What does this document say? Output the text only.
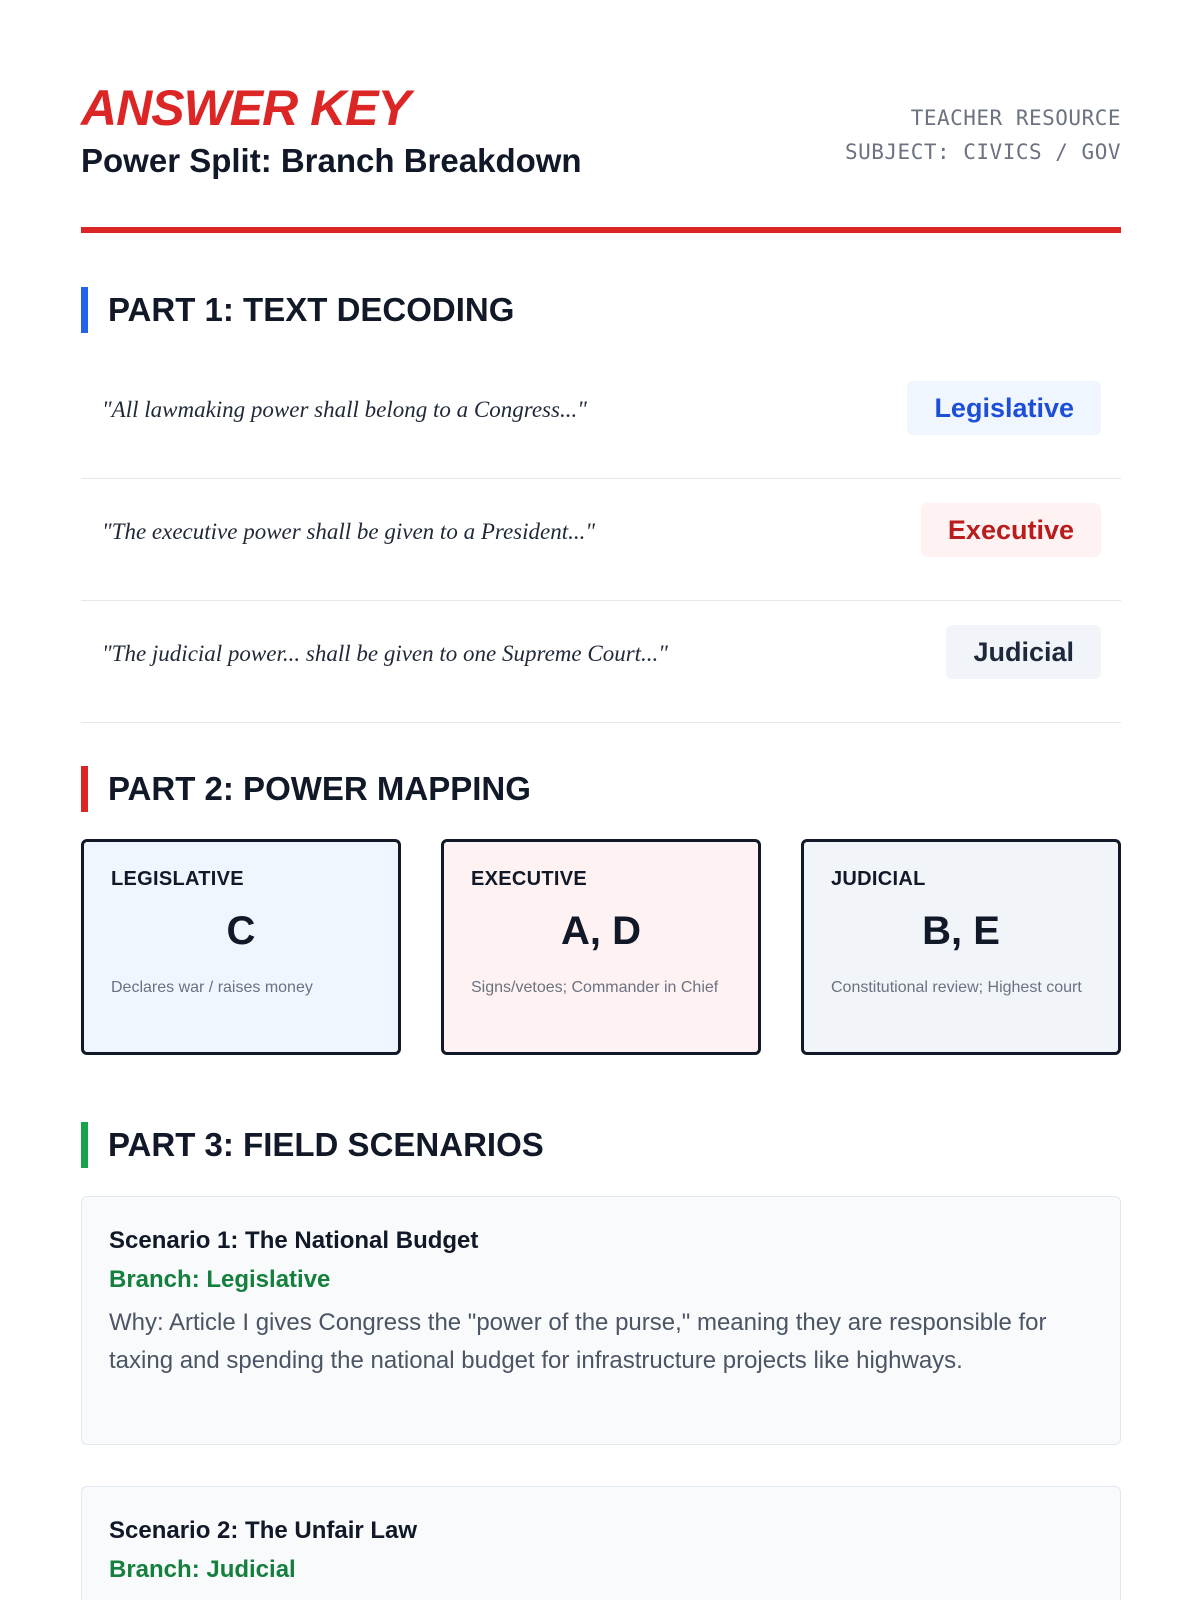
ANSWER KEY
Power Split: Branch Breakdown
TEACHER RESOURCE
SUBJECT: CIVICS / GOV
PART 1: TEXT DECODING
"All lawmaking power shall belong to a Congress..."	Legislative
"The executive power shall be given to a President..."	Executive
"The judicial power... shall be given to one Supreme Court..."	Judicial
PART 2: POWER MAPPING
LEGISLATIVE
C
Declares war / raises money
EXECUTIVE
A, D
Signs/vetoes; Commander in Chief
JUDICIAL
B, E
Constitutional review; Highest court
PART 3: FIELD SCENARIOS
Scenario 1: The National Budget
Branch: Legislative
Why: Article I gives Congress the "power of the purse," meaning they are responsible for taxing and spending the national budget for infrastructure projects like highways.
Scenario 2: The Unfair Law
Branch: Judicial
